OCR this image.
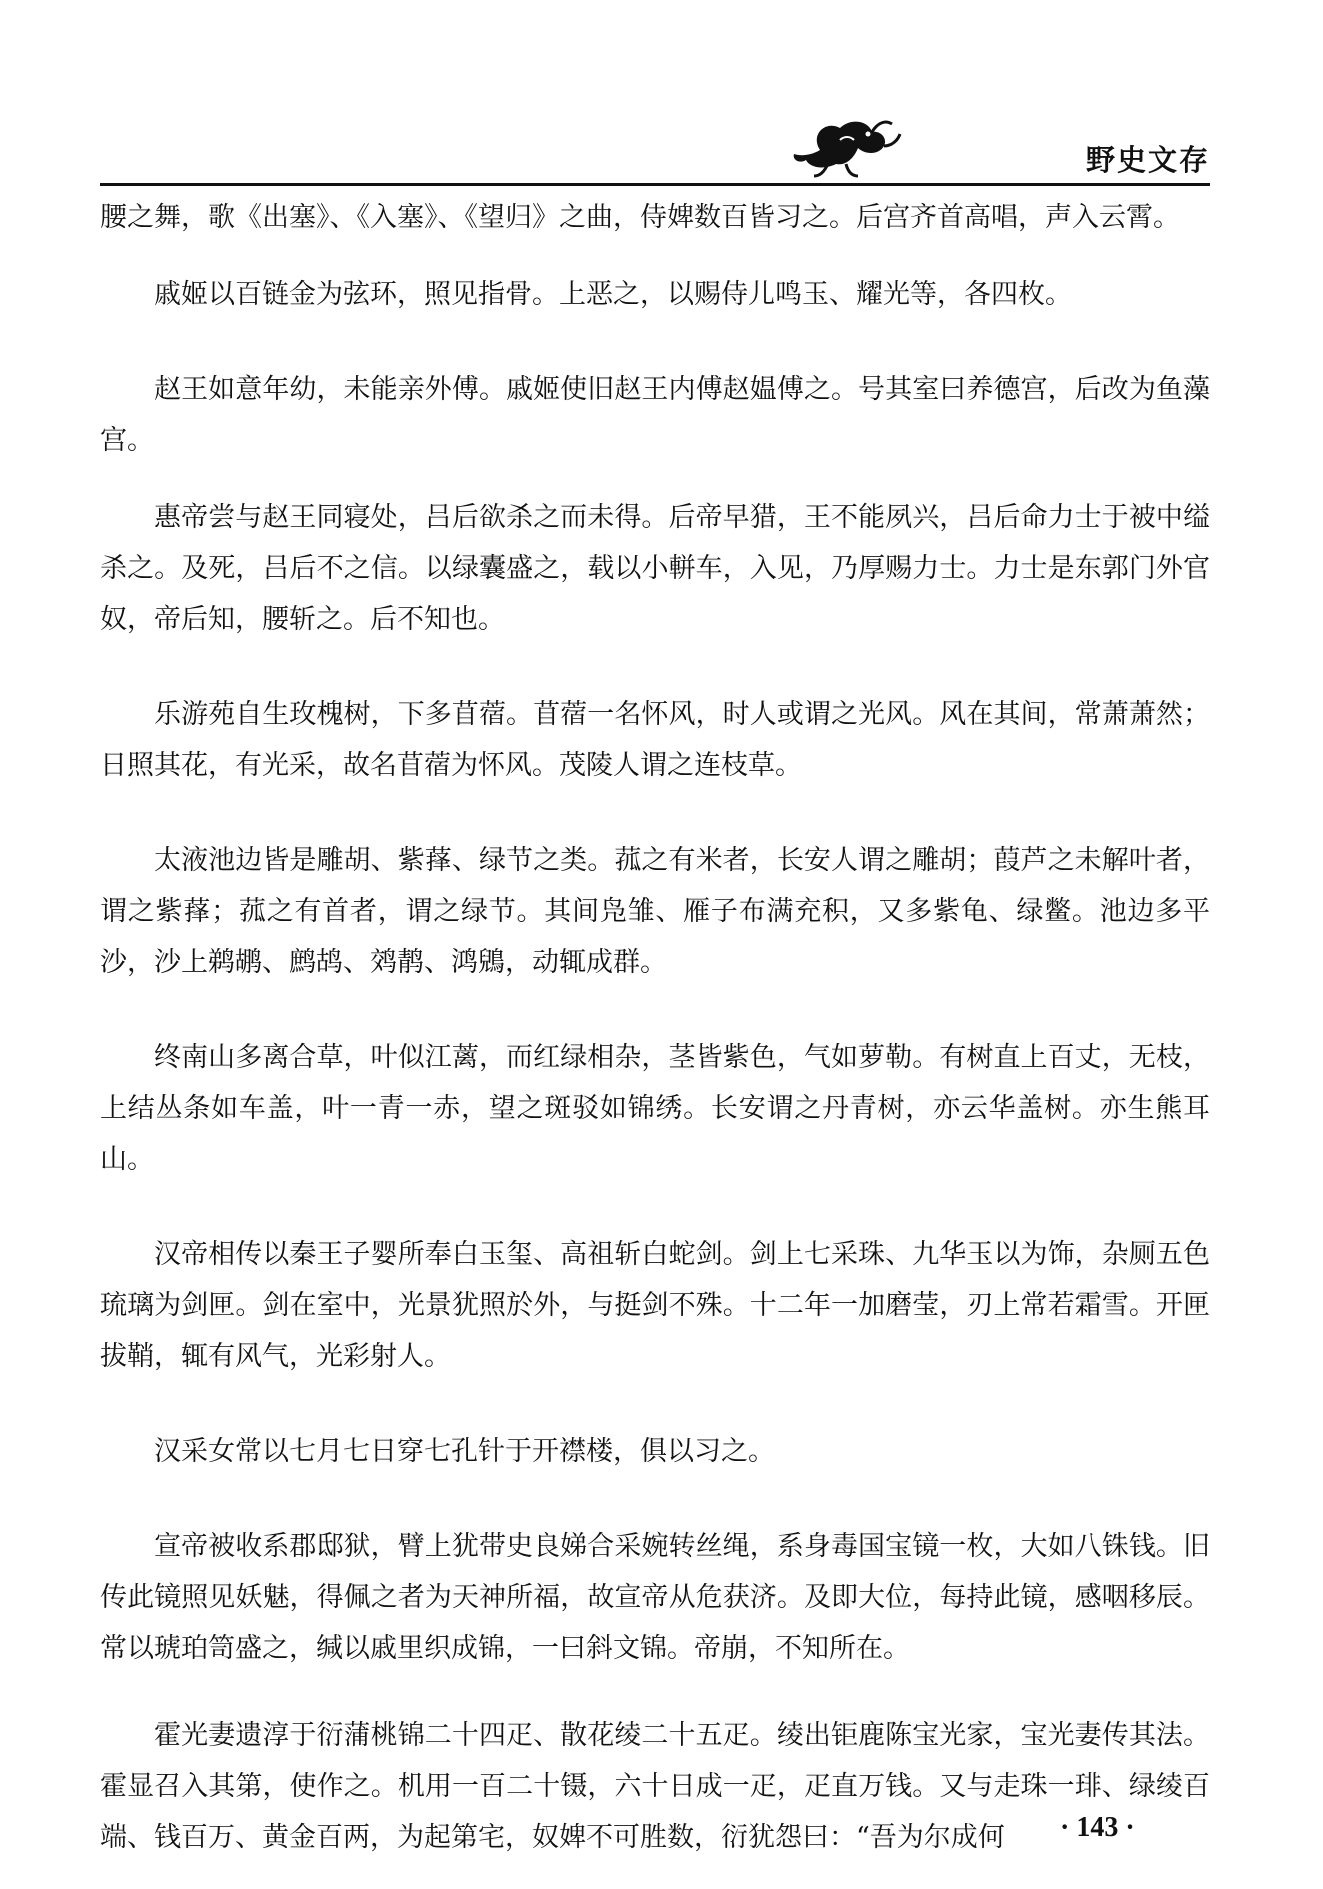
野史文存

腰之舞，歌《出塞》、《入塞》、《望归》之曲，侍婢数百皆习之。后宫齐首高唱，声入云霄。

戚姬以百链金为弦环，照见指骨。上恶之，以赐侍儿鸣玉、耀光等，各四枚。

赵王如意年幼，未能亲外傅。戚姬使旧赵王内傅赵媪傅之。号其室曰养德宫，后改为鱼藻宫。

惠帝尝与赵王同寝处，吕后欲杀之而未得。后帝早猎，王不能夙兴，吕后命力士于被中缢杀之。及死，吕后不之信。以绿囊盛之，载以小軿车，入见，乃厚赐力士。力士是东郭门外官奴，帝后知，腰斩之。后不知也。

乐游苑自生玫槐树，下多苜蓿。苜蓿一名怀风，时人或谓之光风。风在其间，常萧萧然；日照其花，有光采，故名苜蓿为怀风。茂陵人谓之连枝草。

太液池边皆是雕胡、紫萚、绿节之类。菰之有米者，长安人谓之雕胡；葭芦之未解叶者，谓之紫萚；菰之有首者，谓之绿节。其间凫雏、雁子布满充积，又多紫龟、绿鳖。池边多平沙，沙上鹈鹕、鹧鸪、䴔䴖、鸿鶂，动辄成群。

终南山多离合草，叶似江蓠，而红绿相杂，茎皆紫色，气如萝勒。有树直上百丈，无枝，上结丛条如车盖，叶一青一赤，望之斑驳如锦绣。长安谓之丹青树，亦云华盖树。亦生熊耳山。

汉帝相传以秦王子婴所奉白玉玺、高祖斩白蛇剑。剑上七采珠、九华玉以为饰，杂厕五色琉璃为剑匣。剑在室中，光景犹照於外，与挺剑不殊。十二年一加磨莹，刃上常若霜雪。开匣拔鞘，辄有风气，光彩射人。

汉采女常以七月七日穿七孔针于开襟楼，俱以习之。

宣帝被收系郡邸狱，臂上犹带史良娣合采婉转丝绳，系身毒国宝镜一枚，大如八铢钱。旧传此镜照见妖魅，得佩之者为天神所福，故宣帝从危获济。及即大位，每持此镜，感咽移辰。常以琥珀笥盛之，缄以戚里织成锦，一曰斜文锦。帝崩，不知所在。

霍光妻遗淳于衍蒲桃锦二十四疋、散花绫二十五疋。绫出钜鹿陈宝光家，宝光妻传其法。霍显召入其第，使作之。机用一百二十镊，六十日成一疋，疋直万钱。又与走珠一琲、绿绫百端、钱百万、黄金百两，为起第宅，奴婢不可胜数，衍犹怨曰：“吾为尔成何	· 143 ·
